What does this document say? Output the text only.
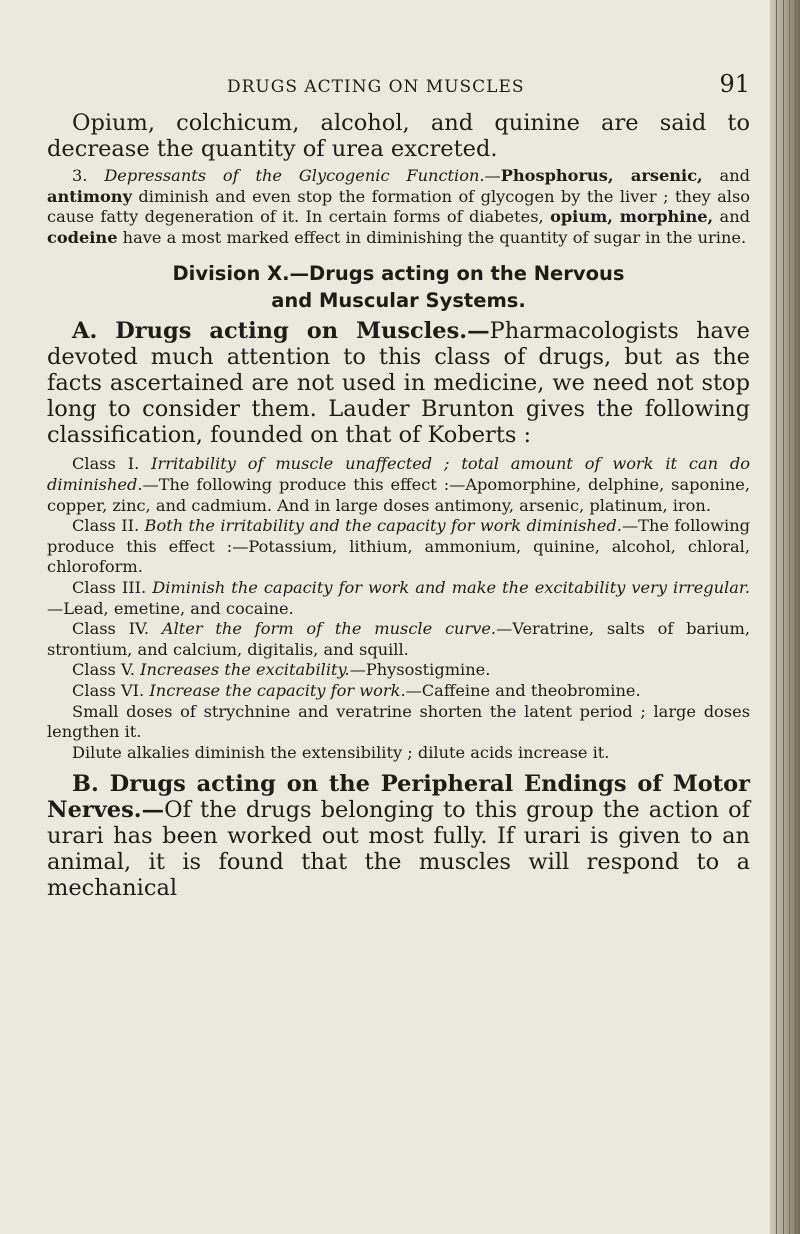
DRUGS ACTING ON MUSCLES	91

Opium, colchicum, alcohol, and quinine are said to decrease the quantity of urea excreted.

3. Depressants of the Glycogenic Function.—Phosphorus, arsenic, and antimony diminish and even stop the formation of glycogen by the liver ; they also cause fatty degeneration of it. In certain forms of diabetes, opium, morphine, and codeine have a most marked effect in diminishing the quantity of sugar in the urine.

Division X.—Drugs acting on the Nervous
and Muscular Systems.

A. Drugs acting on Muscles.—Pharmacologists have devoted much attention to this class of drugs, but as the facts ascertained are not used in medicine, we need not stop long to consider them. Lauder Brunton gives the following classification, founded on that of Koberts :

Class I. Irritability of muscle unaffected ; total amount of work it can do diminished.—The following produce this effect :—Apomorphine, delphine, saponine, copper, zinc, and cadmium. And in large doses antimony, arsenic, platinum, iron.

Class II. Both the irritability and the capacity for work diminished.—The following produce this effect :—Potassium, lithium, ammonium, quinine, alcohol, chloral, chloroform.

Class III. Diminish the capacity for work and make the excitability very irregular.—Lead, emetine, and cocaine.

Class IV. Alter the form of the muscle curve.—Veratrine, salts of barium, strontium, and calcium, digitalis, and squill.

Class V. Increases the excitability.—Physostigmine.

Class VI. Increase the capacity for work.—Caffeine and theobromine.

Small doses of strychnine and veratrine shorten the latent period ; large doses lengthen it.

Dilute alkalies diminish the extensibility ; dilute acids increase it.

B. Drugs acting on the Peripheral Endings of Motor Nerves.—Of the drugs belonging to this group the action of urari has been worked out most fully. If urari is given to an animal, it is found that the muscles will respond to a mechanical
